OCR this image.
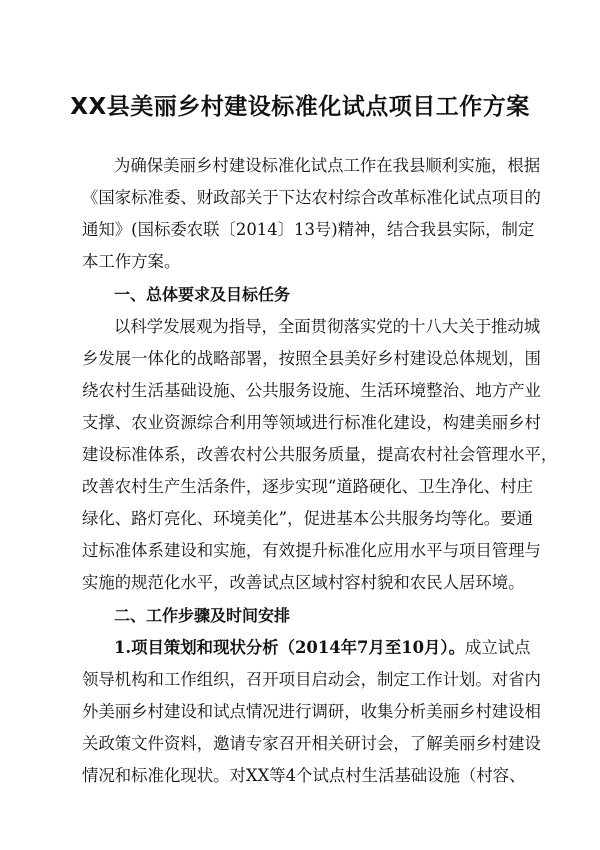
XX县美丽乡村建设标准化试点项目工作方案
为确保美丽乡村建设标准化试点工作在我县顺利实施，根据
《国家标准委、财政部关于下达农村综合改革标准化试点项目的
通知》(国标委农联〔2014〕13号)精神，结合我县实际，制定
本工作方案。
一、总体要求及目标任务
以科学发展观为指导，全面贯彻落实党的十八大关于推动城
乡发展一体化的战略部署，按照全县美好乡村建设总体规划，围
绕农村生活基础设施、公共服务设施、生活环境整治、地方产业
支撑、农业资源综合利用等领域进行标准化建设，构建美丽乡村
建设标准体系，改善农村公共服务质量，提高农村社会管理水平，
改善农村生产生活条件，逐步实现“道路硬化、卫生净化、村庄
绿化、路灯亮化、环境美化”，促进基本公共服务均等化。要通
过标准体系建设和实施，有效提升标准化应用水平与项目管理与
实施的规范化水平，改善试点区域村容村貌和农民人居环境。
二、工作步骤及时间安排
1.项目策划和现状分析（2014年7月至10月）。成立试点
领导机构和工作组织，召开项目启动会，制定工作计划。对省内
外美丽乡村建设和试点情况进行调研，收集分析美丽乡村建设相
关政策文件资料，邀请专家召开相关研讨会，了解美丽乡村建设
情况和标准化现状。对XX等4个试点村生活基础设施（村容、
